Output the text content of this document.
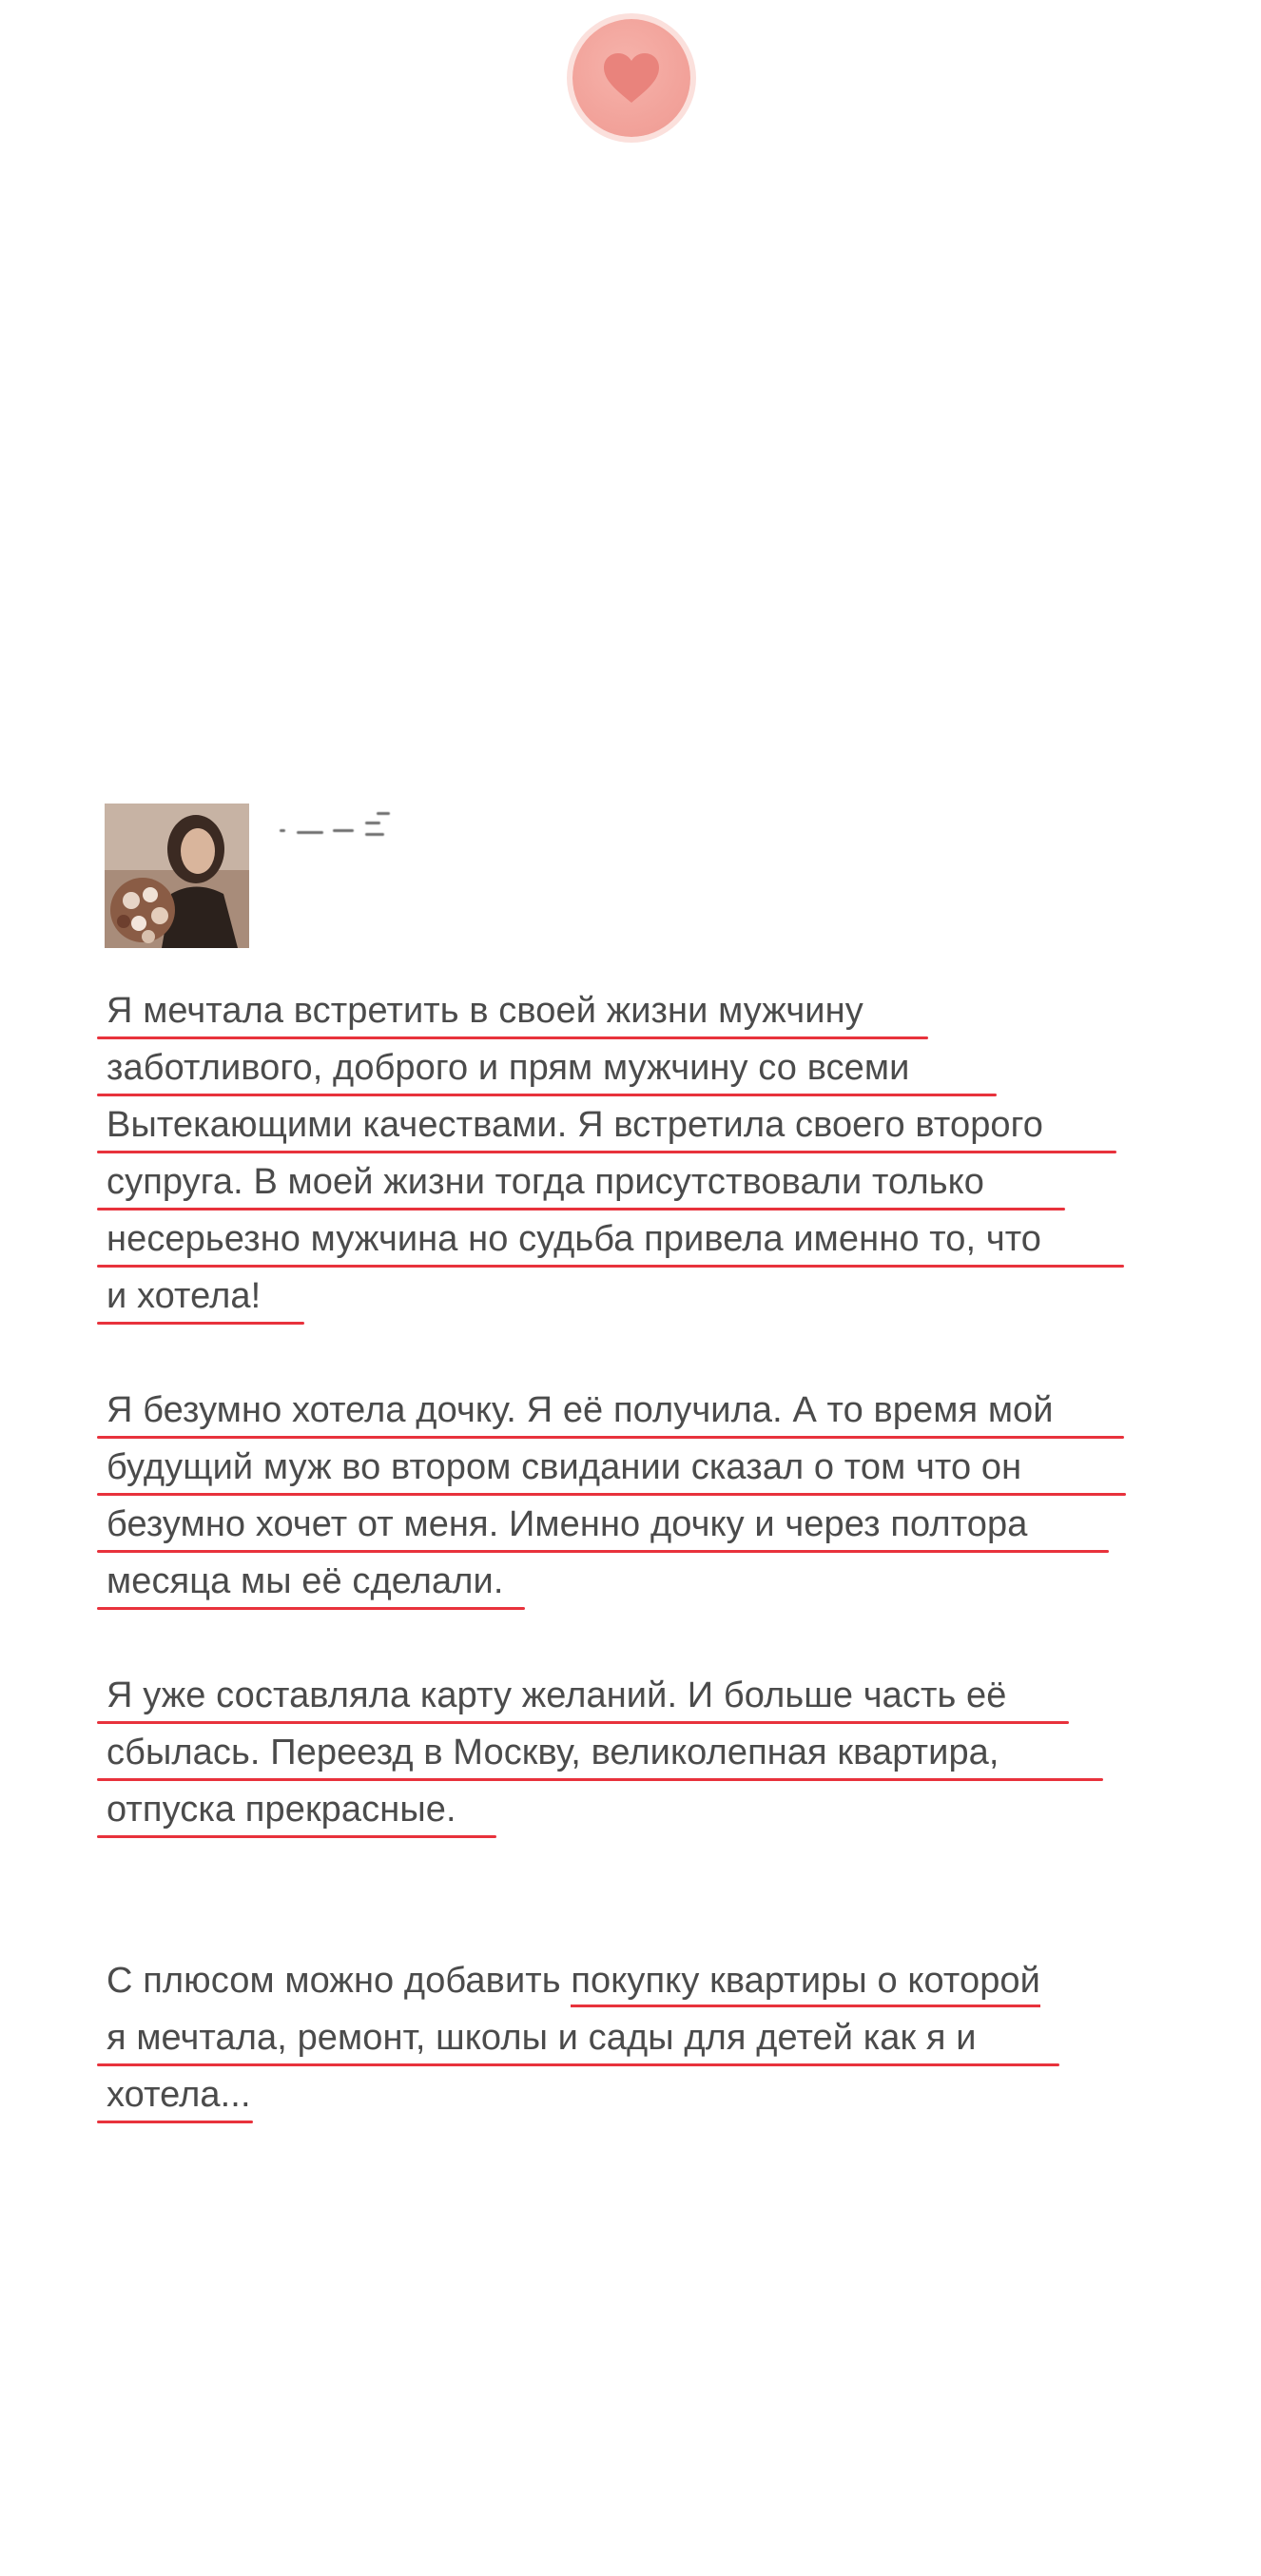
Я мечтала встретить в своей жизни мужчину
заботливого, доброго и прям мужчину со всеми
Вытекающими качествами. Я встретила своего второго
супруга. В моей жизни тогда присутствовали только
несерьезно мужчина но судьба привела именно то, что
и хотела!
Я безумно хотела дочку. Я её получила. А то время мой
будущий муж во втором свидании сказал о том что он
безумно хочет от меня. Именно дочку и через полтора
месяца мы её сделали.
Я уже составляла карту желаний. И больше часть её
сбылась. Переезд в Москву, великолепная квартира,
отпуска прекрасные.
С плюсом можно добавить покупку квартиры о которой
я мечтала, ремонт, школы и сады для детей как я и
хотела...
